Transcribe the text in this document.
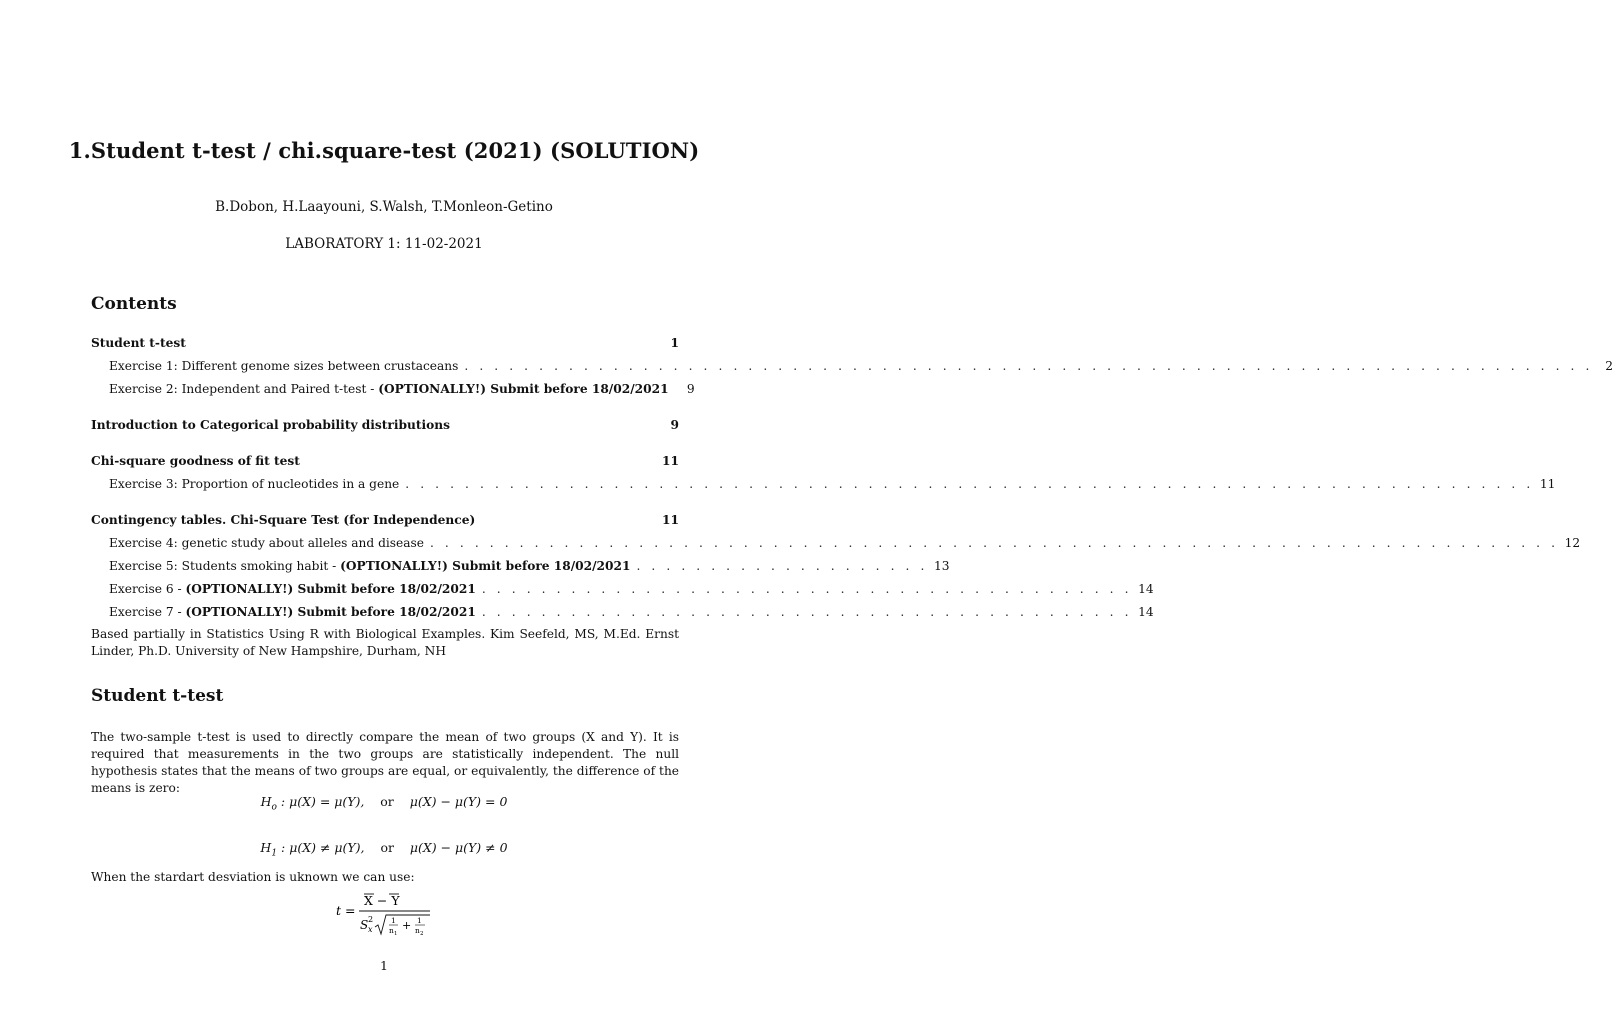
1.Student t-test / chi.square-test (2021) (SOLUTION)
B.Dobon, H.Laayouni, S.Walsh, T.Monleon-Getino
LABORATORY 1: 11-02-2021
Contents
Student t-test	1
Exercise 1: Different genome sizes between crustaceans . . . . . . . . . . . . . . . . . . . . . . . . . . . . . . . . . . . . . . . . . . . . . . . . . . . . . . . . . . . . . . . . . . . . . . . . . . . .	2
Exercise 2: Independent and Paired t-test - (OPTIONALLY!) Submit before 18/02/2021	9
Introduction to Categorical probability distributions	9
Chi-square goodness of fit test	11
Exercise 3: Proportion of nucleotides in a gene . . . . . . . . . . . . . . . . . . . . . . . . . . . . . . . . . . . . . . . . . . . . . . . . . . . . . . . . . . . . . . . . . . . . . . . . . . . . 11
Contingency tables. Chi-Square Test (for Independence)	11
Exercise 4: genetic study about alleles and disease . . . . . . . . . . . . . . . . . . . . . . . . . . . . . . . . . . . . . . . . . . . . . . . . . . . . . . . . . . . . . . . . . . . . . . . . . . . . 12
Exercise 5: Students smoking habit - (OPTIONALLY!) Submit before 18/02/2021 . . . . . . . . . . . . . . . . . . . . 13
Exercise 6 - (OPTIONALLY!) Submit before 18/02/2021 . . . . . . . . . . . . . . . . . . . . . . . . . . . . . . . . . . . . . . . . . . . . 14
Exercise 7 - (OPTIONALLY!) Submit before 18/02/2021 . . . . . . . . . . . . . . . . . . . . . . . . . . . . . . . . . . . . . . . . . . . . 14
Based partially in Statistics Using R with Biological Examples. Kim Seefeld, MS, M.Ed. Ernst Linder, Ph.D. University of New Hampshire, Durham, NH
Student t-test
The two-sample t-test is used to directly compare the mean of two groups (X and Y). It is required that measurements in the two groups are statistically independent. The null hypothesis states that the means of two groups are equal, or equivalently, the difference of the means is zero:
$H_o$ : μ(X) = μ(Y), or μ(X) − μ(Y) = 0
$H_1$ : μ(X) ≠ μ(Y), or μ(X) − μ(Y) ≠ 0
When the stardart desviation is uknown we can use:
t =
X − Y
S 2
x
1
n 1
+ 1
n 2
1
